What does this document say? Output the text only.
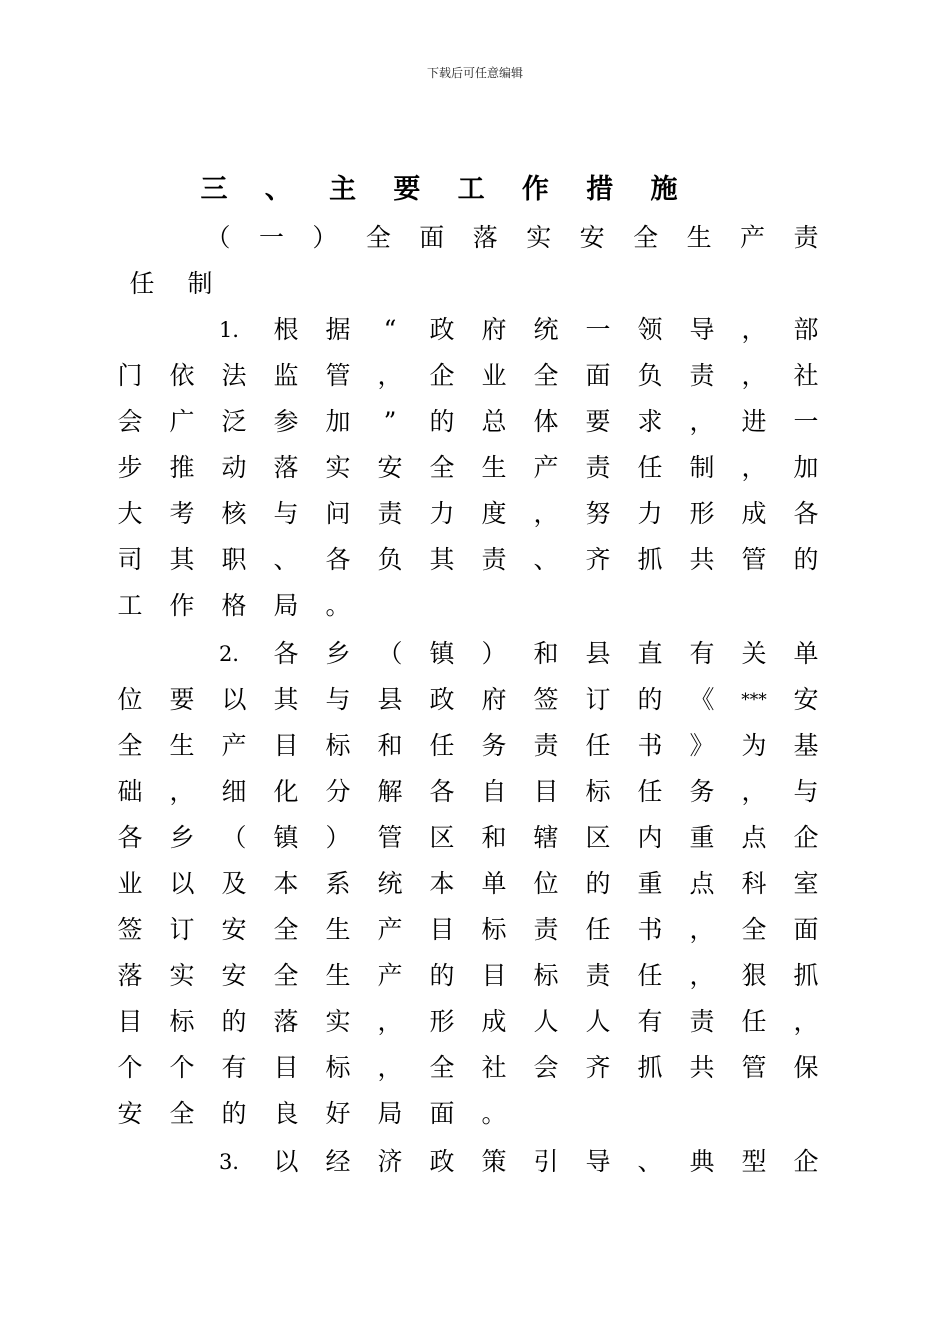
下载后可任意编辑
三 、 主 要 工 作 措 施
（ 一 ） 全 面 落 实 安 全 生 产 责
任 制
1． 根 据	“	政 府 统 一 领 导 ， 部
门 依 法 监 管 ， 企 业 全 面 负 责 ， 社
会 广 泛 参 加	”	的 总 体 要 求 ， 进 一
步 推 动 落 实 安 全 生 产 责 任 制 ， 加
大 考 核 与 问 责 力 度 ， 努 力 形 成 各
司 其 职 、 各 负 其 责 、 齐 抓 共 管 的
工 作 格 局 。
2． 各 乡 （ 镇 ） 和 县 直 有 关 单
位 要 以 其 与 县 政 府 签 订 的 《 *** 安
全 生 产 目 标 和 任 务 责 任 书 》 为 基
础 ， 细 化 分 解 各 自 目 标 任 务 ， 与
各 乡 （ 镇 ） 管 区 和 辖 区 内 重 点 企
业 以 及 本 系 统 本 单 位 的 重 点 科 室
签 订 安 全 生 产 目 标 责 任 书 ， 全 面
落 实 安 全 生 产 的 目 标 责 任 ， 狠 抓
目 标 的 落 实 ， 形 成 人 人 有 责 任 ，
个 个 有 目 标 ， 全 社 会 齐 抓 共 管 保
安 全 的 良 好 局 面 。
3． 以 经 济 政 策 引 导 、 典 型 企
